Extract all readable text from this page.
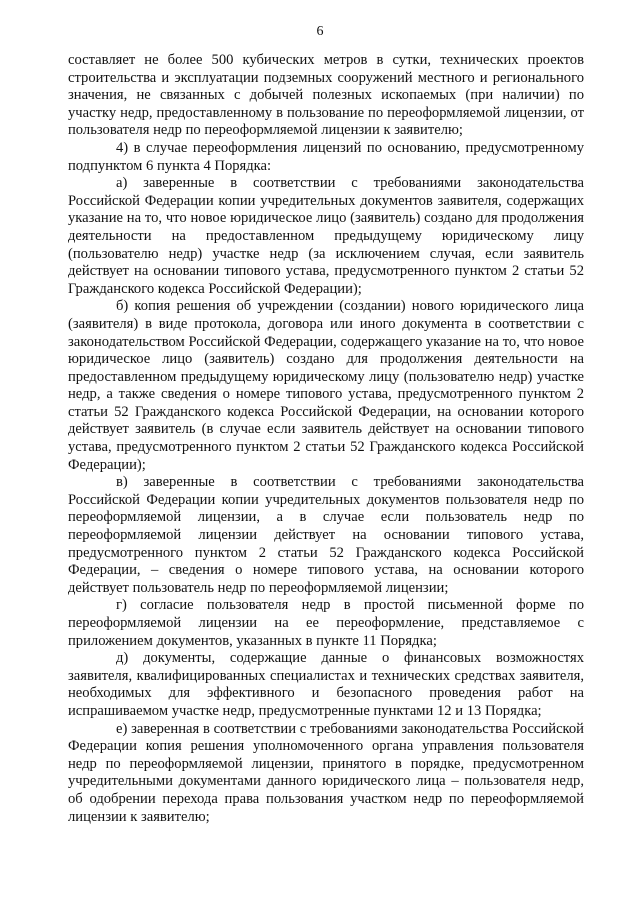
6

составляет не более 500 кубических метров в сутки, технических проектов строительства и эксплуатации подземных сооружений местного и регионального значения, не связанных с добычей полезных ископаемых (при наличии) по участку недр, предоставленному в пользование по переоформляемой лицензии, от пользователя недр по переоформляемой лицензии к заявителю;

4) в случае переоформления лицензий по основанию, предусмотренному подпунктом 6 пункта 4 Порядка:

а) заверенные в соответствии с требованиями законодательства Российской Федерации копии учредительных документов заявителя, содержащих указание на то, что новое юридическое лицо (заявитель) создано для продолжения деятельности на предоставленном предыдущему юридическому лицу (пользователю недр) участке недр (за исключением случая, если заявитель действует на основании типового устава, предусмотренного пунктом 2 статьи 52 Гражданского кодекса Российской Федерации);

б) копия решения об учреждении (создании) нового юридического лица (заявителя) в виде протокола, договора или иного документа в соответствии с законодательством Российской Федерации, содержащего указание на то, что новое юридическое лицо (заявитель) создано для продолжения деятельности на предоставленном предыдущему юридическому лицу (пользователю недр) участке недр, а также сведения о номере типового устава, предусмотренного пунктом 2 статьи 52 Гражданского кодекса Российской Федерации, на основании которого действует заявитель (в случае если заявитель действует на основании типового устава, предусмотренного пунктом 2 статьи 52 Гражданского кодекса Российской Федерации);

в) заверенные в соответствии с требованиями законодательства Российской Федерации копии учредительных документов пользователя недр по переоформляемой лицензии, а в случае если пользователь недр по переоформляемой лицензии действует на основании типового устава, предусмотренного пунктом 2 статьи 52 Гражданского кодекса Российской Федерации, – сведения о номере типового устава, на основании которого действует пользователь недр по переоформляемой лицензии;

г) согласие пользователя недр в простой письменной форме по переоформляемой лицензии на ее переоформление, представляемое с приложением документов, указанных в пункте 11 Порядка;

д) документы, содержащие данные о финансовых возможностях заявителя, квалифицированных специалистах и технических средствах заявителя, необходимых для эффективного и безопасного проведения работ на испрашиваемом участке недр, предусмотренные пунктами 12 и 13 Порядка;

е) заверенная в соответствии с требованиями законодательства Российской Федерации копия решения уполномоченного органа управления пользователя недр по переоформляемой лицензии, принятого в порядке, предусмотренном учредительными документами данного юридического лица – пользователя недр, об одобрении перехода права пользования участком недр по переоформляемой лицензии к заявителю;
